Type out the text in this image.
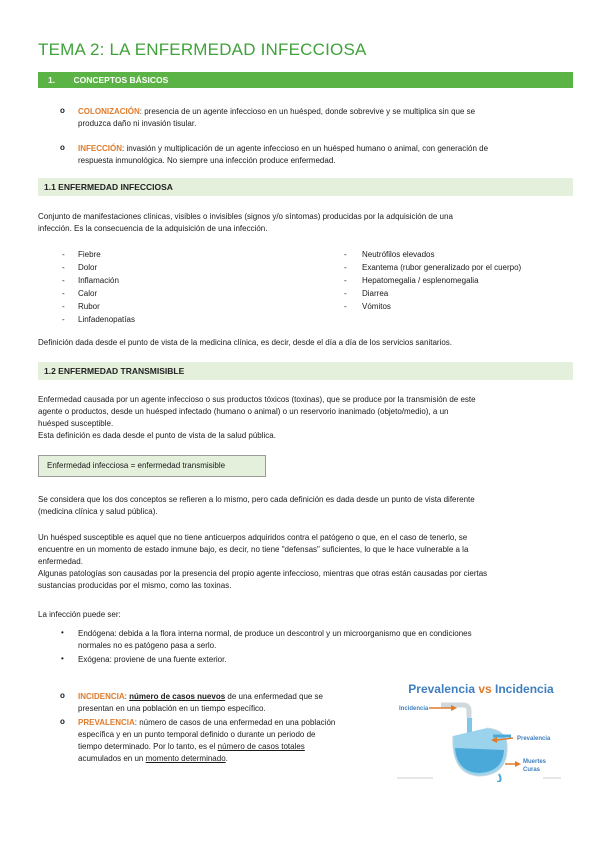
TEMA 2: LA ENFERMEDAD INFECCIOSA
1. CONCEPTOS BÁSICOS
o COLONIZACIÓN: presencia de un agente infeccioso en un huésped, donde sobrevive y se multiplica sin que se
produzca daño ni invasión tisular.
o INFECCIÓN: invasión y multiplicación de un agente infeccioso en un huésped humano o animal, con generación de
respuesta inmunológica. No siempre una infección produce enfermedad.
1.1 ENFERMEDAD INFECCIOSA
Conjunto de manifestaciones clínicas, visibles o invisibles (signos y/o síntomas) producidas por la adquisición de una
infección. Es la consecuencia de la adquisición de una infección.
- Fiebre
- Dolor
- Inflamación
- Calor
- Rubor
- Linfadenopatías
- Neutrófilos elevados
- Exantema (rubor generalizado por el cuerpo)
- Hepatomegalia / esplenomegalia
- Diarrea
- Vómitos
Definición dada desde el punto de vista de la medicina clínica, es decir, desde el día a día de los servicios sanitarios.
1.2 ENFERMEDAD TRANSMISIBLE
Enfermedad causada por un agente infeccioso o sus productos tóxicos (toxinas), que se produce por la transmisión de este
agente o productos, desde un huésped infectado (humano o animal) o un reservorio inanimado (objeto/medio), a un
huésped susceptible.
Esta definición es dada desde el punto de vista de la salud pública.
Enfermedad infecciosa = enfermedad transmisible
Se considera que los dos conceptos se refieren a lo mismo, pero cada definición es dada desde un punto de vista diferente
(medicina clínica y salud pública).
Un huésped susceptible es aquel que no tiene anticuerpos adquiridos contra el patógeno o que, en el caso de tenerlo, se
encuentre en un momento de estado inmune bajo, es decir, no tiene "defensas" suficientes, lo que le hace vulnerable a la
enfermedad.
Algunas patologías son causadas por la presencia del propio agente infeccioso, mientras que otras están causadas por ciertas
sustancias producidas por el mismo, como las toxinas.
La infección puede ser:
• Endógena: debida a la flora interna normal, de produce un descontrol y un microorganismo que en condiciones
normales no es patógeno pasa a serlo.
• Exógena: proviene de una fuente exterior.
o INCIDENCIA: número de casos nuevos de una enfermedad que se
presentan en una población en un tiempo específico.
o PREVALENCIA: número de casos de una enfermedad en una población
específica y en un punto temporal definido o durante un periodo de
tiempo determinado. Por lo tanto, es el número de casos totales
acumulados en un momento determinado.
Prevalencia vs Incidencia
Incidencia
Prevalencia
Muertes
Curas
